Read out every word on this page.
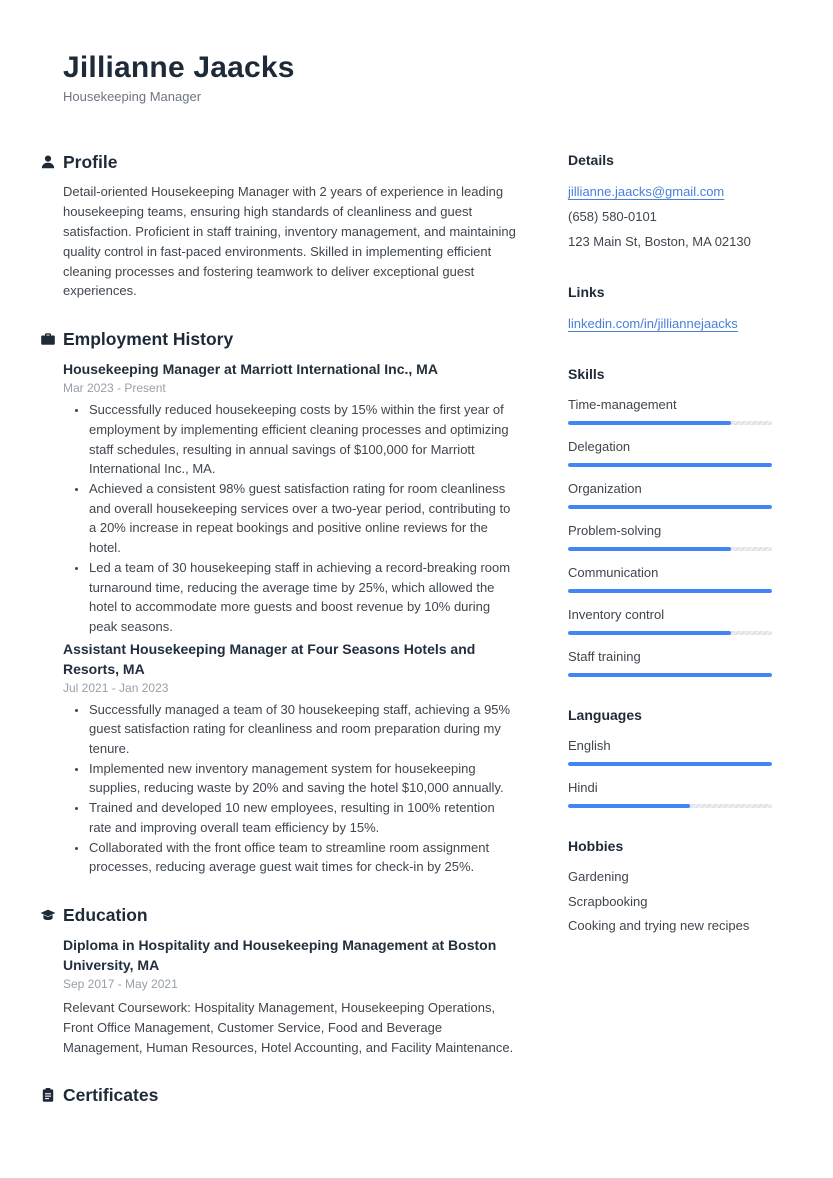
Jillianne Jaacks
Housekeeping Manager
Profile

Detail-oriented Housekeeping Manager with 2 years of experience in leading housekeeping teams, ensuring high standards of cleanliness and guest satisfaction. Proficient in staff training, inventory management, and maintaining quality control in fast-paced environments. Skilled in implementing efficient cleaning processes and fostering teamwork to deliver exceptional guest experiences.

Employment History
Housekeeping Manager at Marriott International Inc., MA
Mar 2023 - Present
• Successfully reduced housekeeping costs by 15% within the first year of employment by implementing efficient cleaning processes and optimizing staff schedules, resulting in annual savings of $100,000 for Marriott International Inc., MA.
• Achieved a consistent 98% guest satisfaction rating for room cleanliness and overall housekeeping services over a two-year period, contributing to a 20% increase in repeat bookings and positive online reviews for the hotel.
• Led a team of 30 housekeeping staff in achieving a record-breaking room turnaround time, reducing the average time by 25%, which allowed the hotel to accommodate more guests and boost revenue by 10% during peak seasons.
Assistant Housekeeping Manager at Four Seasons Hotels and Resorts, MA
Jul 2021 - Jan 2023
• Successfully managed a team of 30 housekeeping staff, achieving a 95% guest satisfaction rating for cleanliness and room preparation during my tenure.
• Implemented new inventory management system for housekeeping supplies, reducing waste by 20% and saving the hotel $10,000 annually.
• Trained and developed 10 new employees, resulting in 100% retention rate and improving overall team efficiency by 15%.
• Collaborated with the front office team to streamline room assignment processes, reducing average guest wait times for check-in by 25%.
Education
Diploma in Hospitality and Housekeeping Management at Boston University, MA
Sep 2017 - May 2021

Relevant Coursework: Hospitality Management, Housekeeping Operations, Front Office Management, Customer Service, Food and Beverage Management, Human Resources, Hotel Accounting, and Facility Maintenance.

Certificates
Details
jillianne.jaacks@gmail.com
(658) 580-0101
123 Main St, Boston, MA 02130
Links
linkedin.com/in/jilliannejaacks
Skills
Time-management
Delegation
Organization
Problem-solving
Communication
Inventory control
Staff training
Languages
English
Hindi
Hobbies
Gardening
Scrapbooking
Cooking and trying new recipes
